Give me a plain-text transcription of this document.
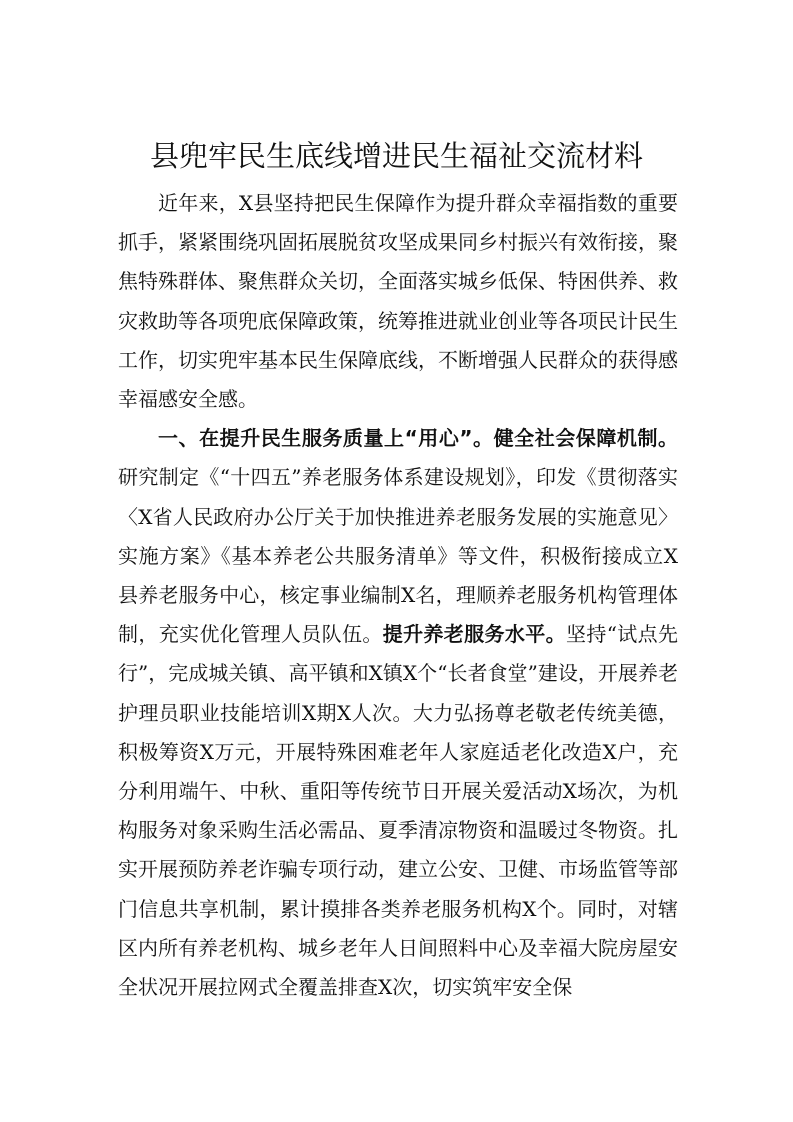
县兜牢民生底线增进民生福祉交流材料

近年来，X县坚持把民生保障作为提升群众幸福指数的重要抓手，紧紧围绕巩固拓展脱贫攻坚成果同乡村振兴有效衔接，聚焦特殊群体、聚焦群众关切，全面落实城乡低保、特困供养、救灾救助等各项兜底保障政策，统筹推进就业创业等各项民计民生工作，切实兜牢基本民生保障底线，不断增强人民群众的获得感幸福感安全感。

一、在提升民生服务质量上“用心”。健全社会保障机制。研究制定《“十四五”养老服务体系建设规划》，印发《贯彻落实〈X省人民政府办公厅关于加快推进养老服务发展的实施意见〉实施方案》《基本养老公共服务清单》等文件，积极衔接成立X县养老服务中心，核定事业编制X名，理顺养老服务机构管理体制，充实优化管理人员队伍。提升养老服务水平。坚持“试点先行”，完成城关镇、高平镇和X镇X个“长者食堂”建设，开展养老护理员职业技能培训X期X人次。大力弘扬尊老敬老传统美德，积极筹资X万元，开展特殊困难老年人家庭适老化改造X户，充分利用端午、中秋、重阳等传统节日开展关爱活动X场次，为机构服务对象采购生活必需品、夏季清凉物资和温暖过冬物资。扎实开展预防养老诈骗专项行动，建立公安、卫健、市场监管等部门信息共享机制，累计摸排各类养老服务机构X个。同时，对辖区内所有养老机构、城乡老年人日间照料中心及幸福大院房屋安全状况开展拉网式全覆盖排查X次，切实筑牢安全保
